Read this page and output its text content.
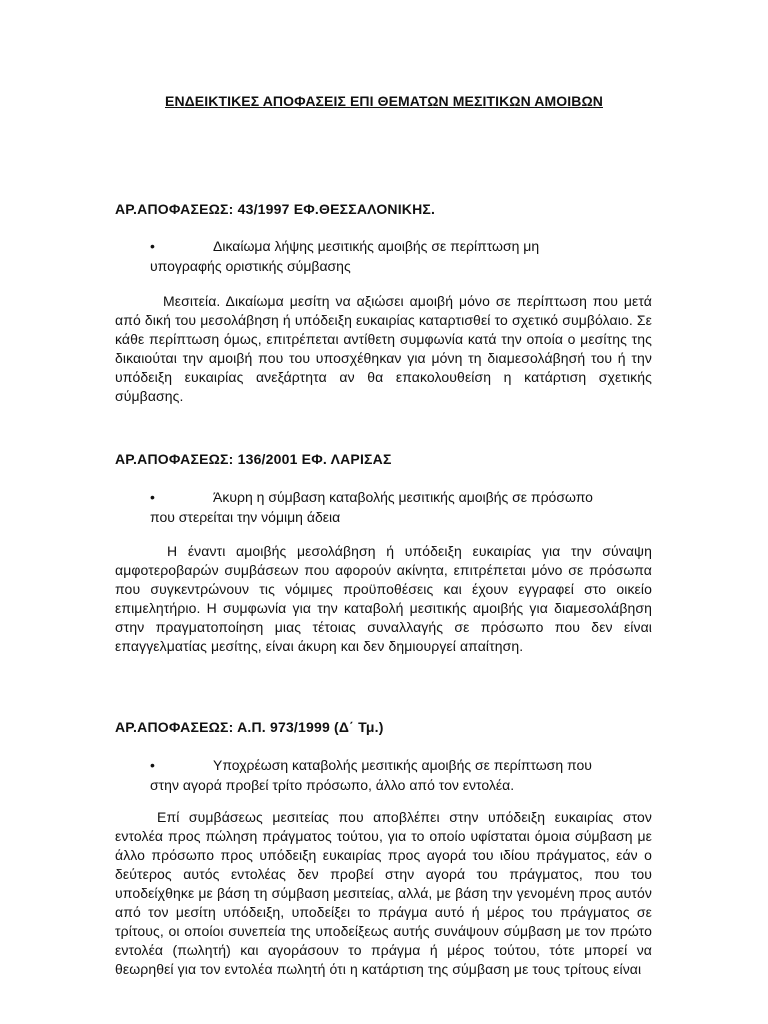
ΕΝΔΕΙΚΤΙΚΕΣ ΑΠΟΦΑΣΕΙΣ ΕΠΙ ΘΕΜΑΤΩΝ ΜΕΣΙΤΙΚΩΝ ΑΜΟΙΒΩΝ
ΑΡ.ΑΠΟΦΑΣΕΩΣ: 43/1997 ΕΦ.ΘΕΣΣΑΛΟΝΙΚΗΣ.
•	Δικαίωμα λήψης μεσιτικής αμοιβής σε περίπτωση μη
υπογραφής οριστικής σύμβασης
Μεσιτεία. Δικαίωμα μεσίτη να αξιώσει αμοιβή μόνο σε περίπτωση που μετά από δική του μεσολάβηση ή υπόδειξη ευκαιρίας καταρτισθεί το σχετικό συμβόλαιο. Σε κάθε περίπτωση όμως, επιτρέπεται αντίθετη συμφωνία κατά την οποία ο μεσίτης της δικαιούται την αμοιβή που του υποσχέθηκαν για μόνη τη διαμεσολάβησή του ή την υπόδειξη ευκαιρίας ανεξάρτητα αν θα επακολουθείση η κατάρτιση σχετικής σύμβασης.
ΑΡ.ΑΠΟΦΑΣΕΩΣ: 136/2001 ΕΦ. ΛΑΡΙΣΑΣ
•	Άκυρη η σύμβαση καταβολής μεσιτικής αμοιβής σε πρόσωπο
που στερείται την νόμιμη άδεια
Η έναντι αμοιβής μεσολάβηση ή υπόδειξη ευκαιρίας για την σύναψη αμφοτεροβαρών συμβάσεων που αφορούν ακίνητα, επιτρέπεται μόνο σε πρόσωπα που συγκεντρώνουν τις νόμιμες προϋποθέσεις και έχουν εγγραφεί στο οικείο επιμελητήριο. Η συμφωνία για την καταβολή μεσιτικής αμοιβής για διαμεσολάβηση στην πραγματοποίηση μιας τέτοιας συναλλαγής σε πρόσωπο που δεν είναι επαγγελματίας μεσίτης, είναι άκυρη και δεν δημιουργεί απαίτηση.
ΑΡ.ΑΠΟΦΑΣΕΩΣ: Α.Π. 973/1999 (Δ΄ Τμ.)
•	Υποχρέωση καταβολής μεσιτικής αμοιβής σε περίπτωση που
στην αγορά προβεί τρίτο πρόσωπο, άλλο από τον εντολέα.
Επί συμβάσεως μεσιτείας που αποβλέπει στην υπόδειξη ευκαιρίας στον εντολέα προς πώληση πράγματος τούτου, για το οποίο υφίσταται όμοια σύμβαση με άλλο πρόσωπο προς υπόδειξη ευκαιρίας προς αγορά του ιδίου πράγματος, εάν ο δεύτερος αυτός εντολέας δεν προβεί στην αγορά του πράγματος, που του υποδείχθηκε με βάση τη σύμβαση μεσιτείας, αλλά, με βάση την γενομένη προς αυτόν από τον μεσίτη υπόδειξη, υποδείξει το πράγμα αυτό ή μέρος του πράγματος σε τρίτους, οι οποίοι συνεπεία της υποδείξεως αυτής συνάψουν σύμβαση με τον πρώτο εντολέα (πωλητή) και αγοράσουν το πράγμα ή μέρος τούτου, τότε μπορεί να θεωρηθεί για τον εντολέα πωλητή ότι η κατάρτιση της σύμβαση με τους τρίτους είναι
